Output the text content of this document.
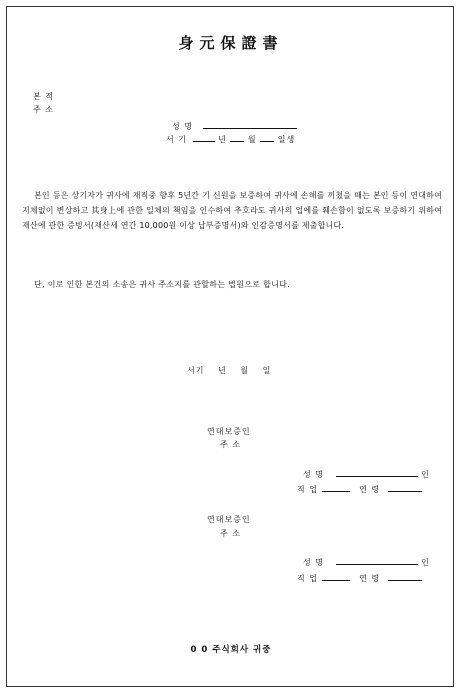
身元保證書
본 적
주 소
성 명
서 기	년	월	일생
본인 등은 상기자가 귀사에 재직중 향후 5년간 기 신원을 보증하여 귀사에 손해를 끼쳤을 때는 본인 등이 연대하여 지체없이 변상하고 其身上에 관한 일체의 책임을 인수하여 추호라도 귀사의 업에를 훼손함이 없도록 보증하기 위하여 재산에 관한 증빙서(재산세 연간 10,000원 이상 납부증명서)와 인감증명서를 제출합니다.
단, 이로 인한 본건의 소송은 귀사 주소지를 관할하는 법원으로 합니다.
서기 년 월 일
연대보증인
주 소
성 명	인
직 업	연 령
연대보증인
주 소
성 명	인
직 업	연 령
0 0 주식회사 귀중
